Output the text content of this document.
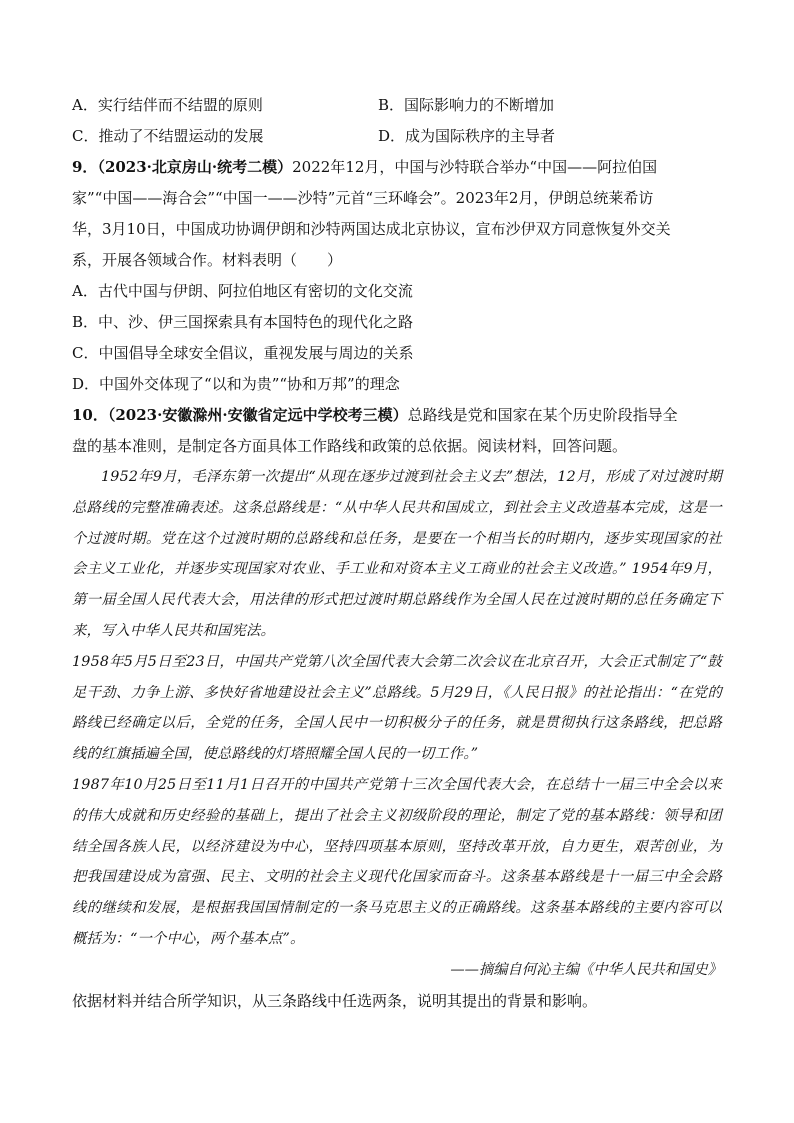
A．实行结伴而不结盟的原则	B．国际影响力的不断增加
C．推动了不结盟运动的发展	D．成为国际秩序的主导者
9．（2023·北京房山·统考二模）2022年12月，中国与沙特联合举办“中国——阿拉伯国
家”“中国——海合会”“中国一——沙特”元首“三环峰会”。2023年2月，伊朗总统莱希访
华，3月10日，中国成功协调伊朗和沙特两国达成北京协议，宣布沙伊双方同意恢复外交关
系，开展各领域合作。材料表明（　　）
A．古代中国与伊朗、阿拉伯地区有密切的文化交流
B．中、沙、伊三国探索具有本国特色的现代化之路
C．中国倡导全球安全倡议，重视发展与周边的关系
D．中国外交体现了“以和为贵”“协和万邦”的理念
10．（2023·安徽滁州·安徽省定远中学校考三模）总路线是党和国家在某个历史阶段指导全
盘的基本准则，是制定各方面具体工作路线和政策的总依据。阅读材料，回答问题。

1952年9月，毛泽东第一次提出“从现在逐步过渡到社会主义去”想法，12月，形成了对过渡时期总路线的完整准确表述。这条总路线是：“从中华人民共和国成立，到社会主义改造基本完成，这是一个过渡时期。党在这个过渡时期的总路线和总任务，是要在一个相当长的时期内，逐步实现国家的社会主义工业化，并逐步实现国家对农业、手工业和对资本主义工商业的社会主义改造。” 1954年9月，第一届全国人民代表大会，用法律的形式把过渡时期总路线作为全国人民在过渡时期的总任务确定下来，写入中华人民共和国宪法。

1958年5月5日至23日，中国共产党第八次全国代表大会第二次会议在北京召开，大会正式制定了“鼓足干劲、力争上游、多快好省地建设社会主义”总路线。5月29日，《人民日报》的社论指出：“在党的路线已经确定以后，全党的任务，全国人民中一切积极分子的任务，就是贯彻执行这条路线，把总路线的红旗插遍全国，使总路线的灯塔照耀全国人民的一切工作。”

1987年10月25日至11月1日召开的中国共产党第十三次全国代表大会，在总结十一届三中全会以来的伟大成就和历史经验的基础上，提出了社会主义初级阶段的理论，制定了党的基本路线：领导和团结全国各族人民，以经济建设为中心，坚持四项基本原则，坚持改革开放，自力更生，艰苦创业，为把我国建设成为富强、民主、文明的社会主义现代化国家而奋斗。这条基本路线是十一届三中全会路线的继续和发展，是根据我国国情制定的一条马克思主义的正确路线。这条基本路线的主要内容可以概括为：“一个中心，两个基本点”。

——摘编自何沁主编《中华人民共和国史》
依据材料并结合所学知识，从三条路线中任选两条，说明其提出的背景和影响。
